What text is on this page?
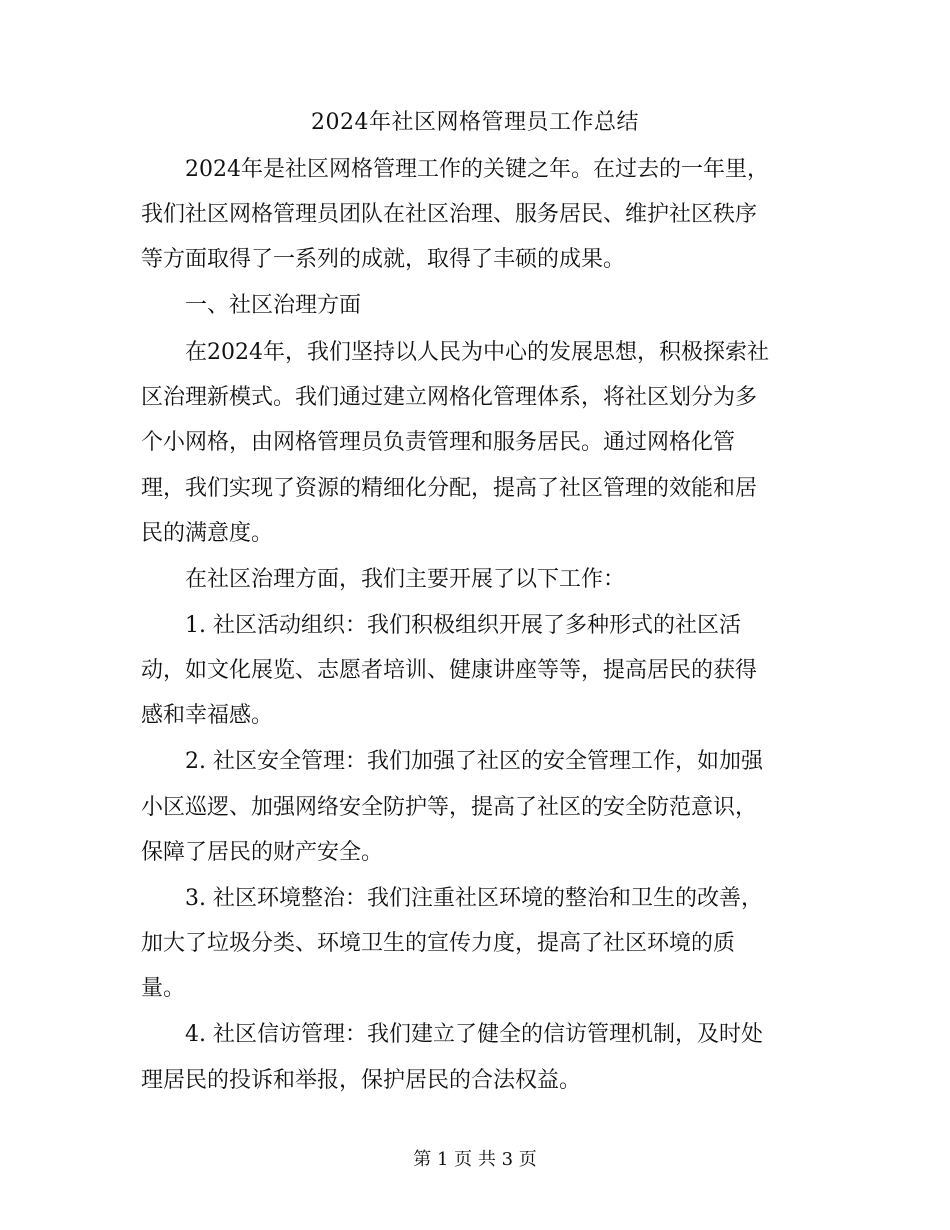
2024年社区网格管理员工作总结
2024年是社区网格管理工作的关键之年。在过去的一年里，
我们社区网格管理员团队在社区治理、服务居民、维护社区秩序
等方面取得了一系列的成就，取得了丰硕的成果。
一、社区治理方面
在2024年，我们坚持以人民为中心的发展思想，积极探索社
区治理新模式。我们通过建立网格化管理体系，将社区划分为多
个小网格，由网格管理员负责管理和服务居民。通过网格化管
理，我们实现了资源的精细化分配，提高了社区管理的效能和居
民的满意度。
在社区治理方面，我们主要开展了以下工作：
1. 社区活动组织：我们积极组织开展了多种形式的社区活
动，如文化展览、志愿者培训、健康讲座等等，提高居民的获得
感和幸福感。
2. 社区安全管理：我们加强了社区的安全管理工作，如加强
小区巡逻、加强网络安全防护等，提高了社区的安全防范意识，
保障了居民的财产安全。
3. 社区环境整治：我们注重社区环境的整治和卫生的改善，
加大了垃圾分类、环境卫生的宣传力度，提高了社区环境的质
量。
4. 社区信访管理：我们建立了健全的信访管理机制，及时处
理居民的投诉和举报，保护居民的合法权益。
第 1 页 共 3 页
